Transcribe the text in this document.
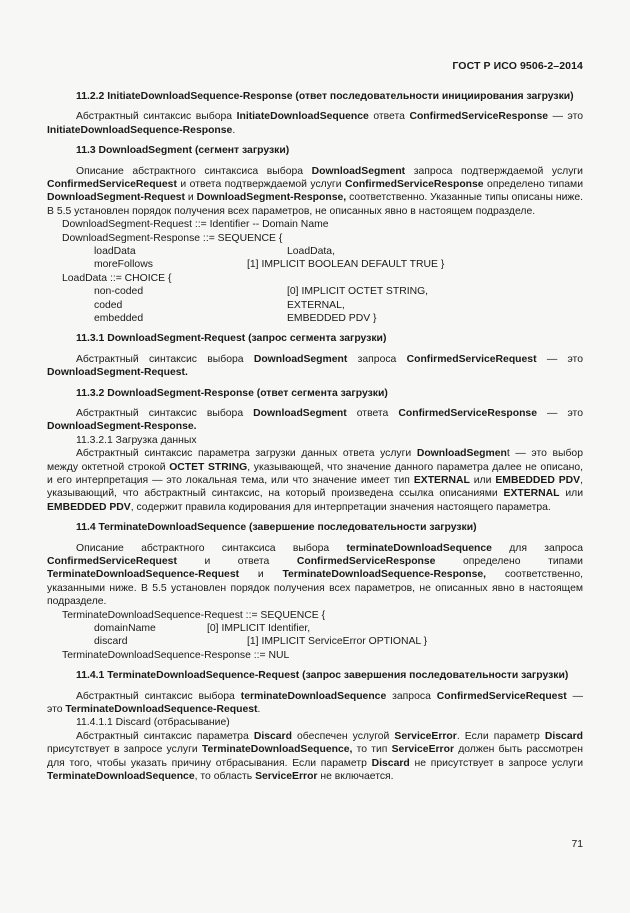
ГОСТ Р ИСО 9506-2–2014

11.2.2 InitiateDownloadSequence-Response (ответ последовательности инициирования загрузки)

Абстрактный синтаксис выбора InitiateDownloadSequence ответа ConfirmedServiceResponse — это InitiateDownloadSequence-Response.

11.3 DownloadSegment (сегмент загрузки)

Описание абстрактного синтаксиса выбора DownloadSegment запроса подтверждаемой услуги ConfirmedServiceRequest и ответа подтверждаемой услуги ConfirmedServiceResponse определено типами DownloadSegment-Request и DownloadSegment-Response, соответственно. Указанные типы описаны ниже. В 5.5 установлен порядок получения всех параметров, не описанных явно в настоящем подразделе.

DownloadSegment-Request ::= Identifier -- Domain Name
DownloadSegment-Response ::= SEQUENCE {
loadData	LoadData,
moreFollows	[1] IMPLICIT BOOLEAN DEFAULT TRUE }
LoadData ::= CHOICE {
non-coded	[0] IMPLICIT OCTET STRING,
coded	EXTERNAL,
embedded	EMBEDDED PDV }

11.3.1 DownloadSegment-Request (запрос сегмента загрузки)

Абстрактный синтаксис выбора DownloadSegment запроса ConfirmedServiceRequest — это DownloadSegment-Request.

11.3.2 DownloadSegment-Response (ответ сегмента загрузки)

Абстрактный синтаксис выбора DownloadSegment ответа ConfirmedServiceResponse — это DownloadSegment-Response.

11.3.2.1 Загрузка данных

Абстрактный синтаксис параметра загрузки данных ответа услуги DownloadSegment — это выбор между октетной строкой OCTET STRING, указывающей, что значение данного параметра далее не описано, и его интерпретация — это локальная тема, или что значение имеет тип EXTERNAL или EMBEDDED PDV, указывающий, что абстрактный синтаксис, на который произведена ссылка описаниями EXTERNAL или EMBEDDED PDV, содержит правила кодирования для интерпретации значения настоящего параметра.

11.4 TerminateDownloadSequence (завершение последовательности загрузки)

Описание абстрактного синтаксиса выбора terminateDownloadSequence для запроса ConfirmedServiceRequest и ответа ConfirmedServiceResponse определено типами TerminateDownloadSequence-Request и TerminateDownloadSequence-Response, соответственно, указанными ниже. В 5.5 установлен порядок получения всех параметров, не описанных явно в настоящем подразделе.

TerminateDownloadSequence-Request ::= SEQUENCE {
domainName	[0] IMPLICIT Identifier,
discard	[1] IMPLICIT ServiceError OPTIONAL }
TerminateDownloadSequence-Response ::= NUL

11.4.1 TerminateDownloadSequence-Request (запрос завершения последовательности загрузки)

Абстрактный синтаксис выбора terminateDownloadSequence запроса ConfirmedServiceRequest — это TerminateDownloadSequence-Request.

11.4.1.1 Discard (отбрасывание)

Абстрактный синтаксис параметра Discard обеспечен услугой ServiceError. Если параметр Discard присутствует в запросе услуги TerminateDownloadSequence, то тип ServiceError должен быть рассмотрен для того, чтобы указать причину отбрасывания. Если параметр Discard не присутствует в запросе услуги TerminateDownloadSequence, то область ServiceError не включается.

71
